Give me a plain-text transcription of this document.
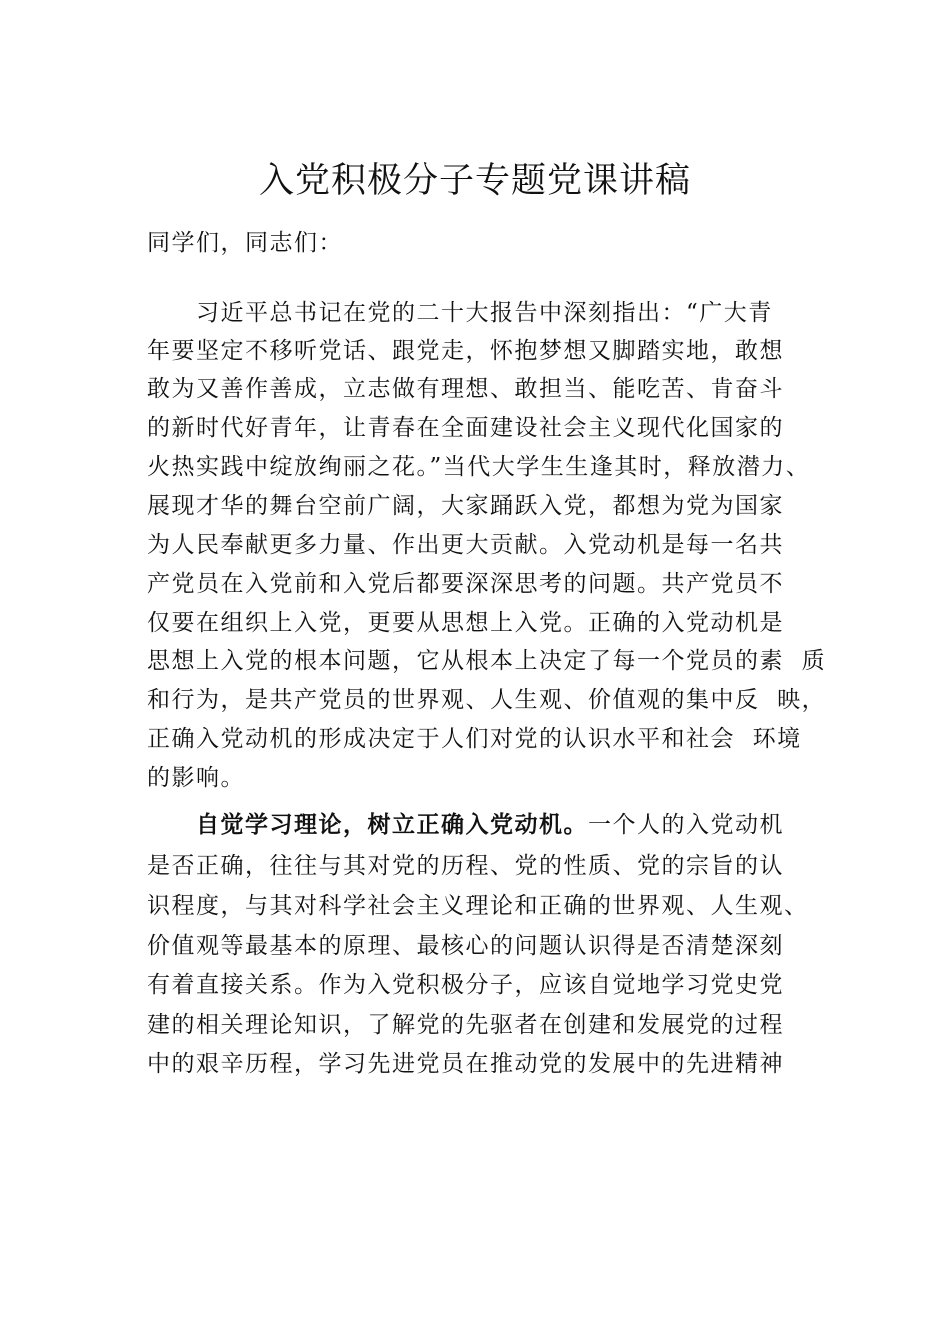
入党积极分子专题党课讲稿
同学们，同志们：
习近平总书记在党的二十大报告中深刻指出：“广大青
年要坚定不移听党话、跟党走，怀抱梦想又脚踏实地，敢想
敢为又善作善成，立志做有理想、敢担当、能吃苦、肯奋斗
的新时代好青年，让青春在全面建设社会主义现代化国家的
火热实践中绽放绚丽之花。”当代大学生生逢其时，释放潜力、
展现才华的舞台空前广阔，大家踊跃入党，都想为党为国家
为人民奉献更多力量、作出更大贡献。入党动机是每一名共
产党员在入党前和入党后都要深深思考的问题。共产党员不
仅要在组织上入党，更要从思想上入党。正确的入党动机是
思想上入党的根本问题，它从根本上决定了每一个党员的素  质
和行为，是共产党员的世界观、人生观、价值观的集中反  映，
正确入党动机的形成决定于人们对党的认识水平和社会  环境
的影响。
自觉学习理论，树立正确入党动机。一个人的入党动机
是否正确，往往与其对党的历程、党的性质、党的宗旨的认
识程度，与其对科学社会主义理论和正确的世界观、人生观、
价值观等最基本的原理、最核心的问题认识得是否清楚深刻
有着直接关系。作为入党积极分子，应该自觉地学习党史党
建的相关理论知识，了解党的先驱者在创建和发展党的过程
中的艰辛历程，学习先进党员在推动党的发展中的先进精神
